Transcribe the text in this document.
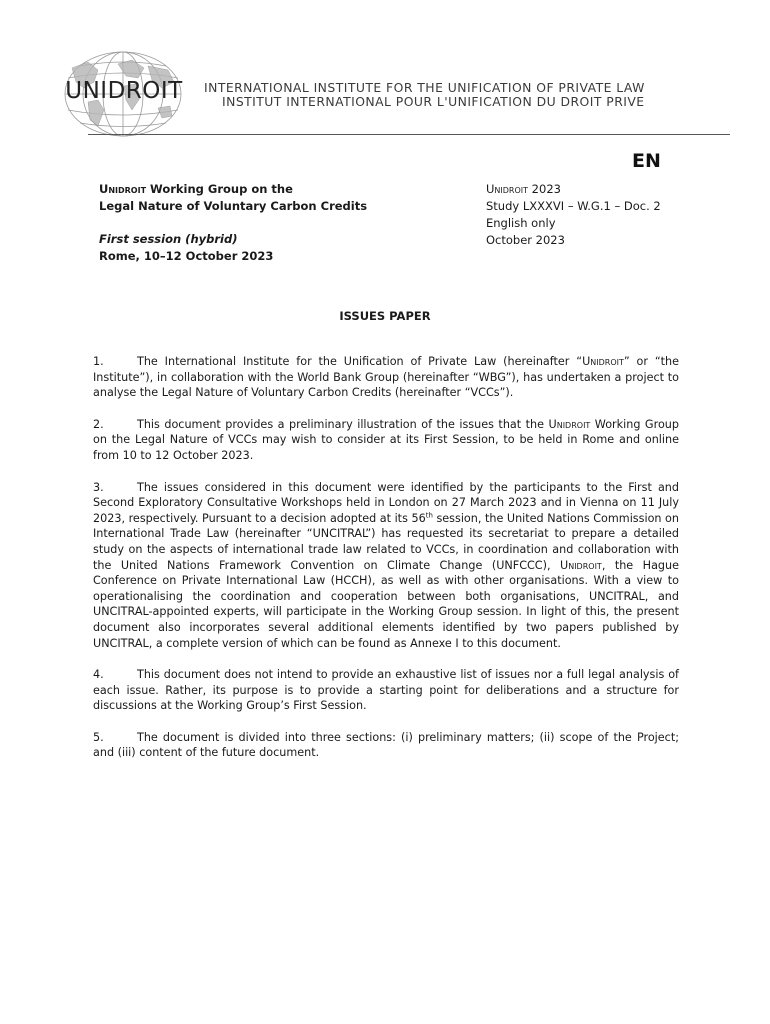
UNIDROIT	INTERNATIONAL INSTITUTE FOR THE UNIFICATION OF PRIVATE LAW
INSTITUT INTERNATIONAL POUR L'UNIFICATION DU DROIT PRIVE
EN
Unidroit Working Group on the
Legal Nature of Voluntary Carbon Credits
First session (hybrid)
Rome, 10–12 October 2023
Unidroit 2023
Study LXXXVI – W.G.1 – Doc. 2
English only
October 2023
ISSUES PAPER

1.	The International Institute for the Unification of Private Law (hereinafter “Unidroit” or “the Institute”), in collaboration with the World Bank Group (hereinafter “WBG”), has undertaken a project to analyse the Legal Nature of Voluntary Carbon Credits (hereinafter “VCCs”).

2.	This document provides a preliminary illustration of the issues that the Unidroit Working Group on the Legal Nature of VCCs may wish to consider at its First Session, to be held in Rome and online from 10 to 12 October 2023.

3.	The issues considered in this document were identified by the participants to the First and Second Exploratory Consultative Workshops held in London on 27 March 2023 and in Vienna on 11 July 2023, respectively. Pursuant to a decision adopted at its 56th session, the United Nations Commission on International Trade Law (hereinafter “UNCITRAL”) has requested its secretariat to prepare a detailed study on the aspects of international trade law related to VCCs, in coordination and collaboration with the United Nations Framework Convention on Climate Change (UNFCCC), Unidroit, the Hague Conference on Private International Law (HCCH), as well as with other organisations. With a view to operationalising the coordination and cooperation between both organisations, UNCITRAL, and UNCITRAL-appointed experts, will participate in the Working Group session. In light of this, the present document also incorporates several additional elements identified by two papers published by UNCITRAL, a complete version of which can be found as Annexe I to this document.

4.	This document does not intend to provide an exhaustive list of issues nor a full legal analysis of each issue. Rather, its purpose is to provide a starting point for deliberations and a structure for discussions at the Working Group’s First Session.

5.	The document is divided into three sections: (i) preliminary matters; (ii) scope of the Project; and (iii) content of the future document.
